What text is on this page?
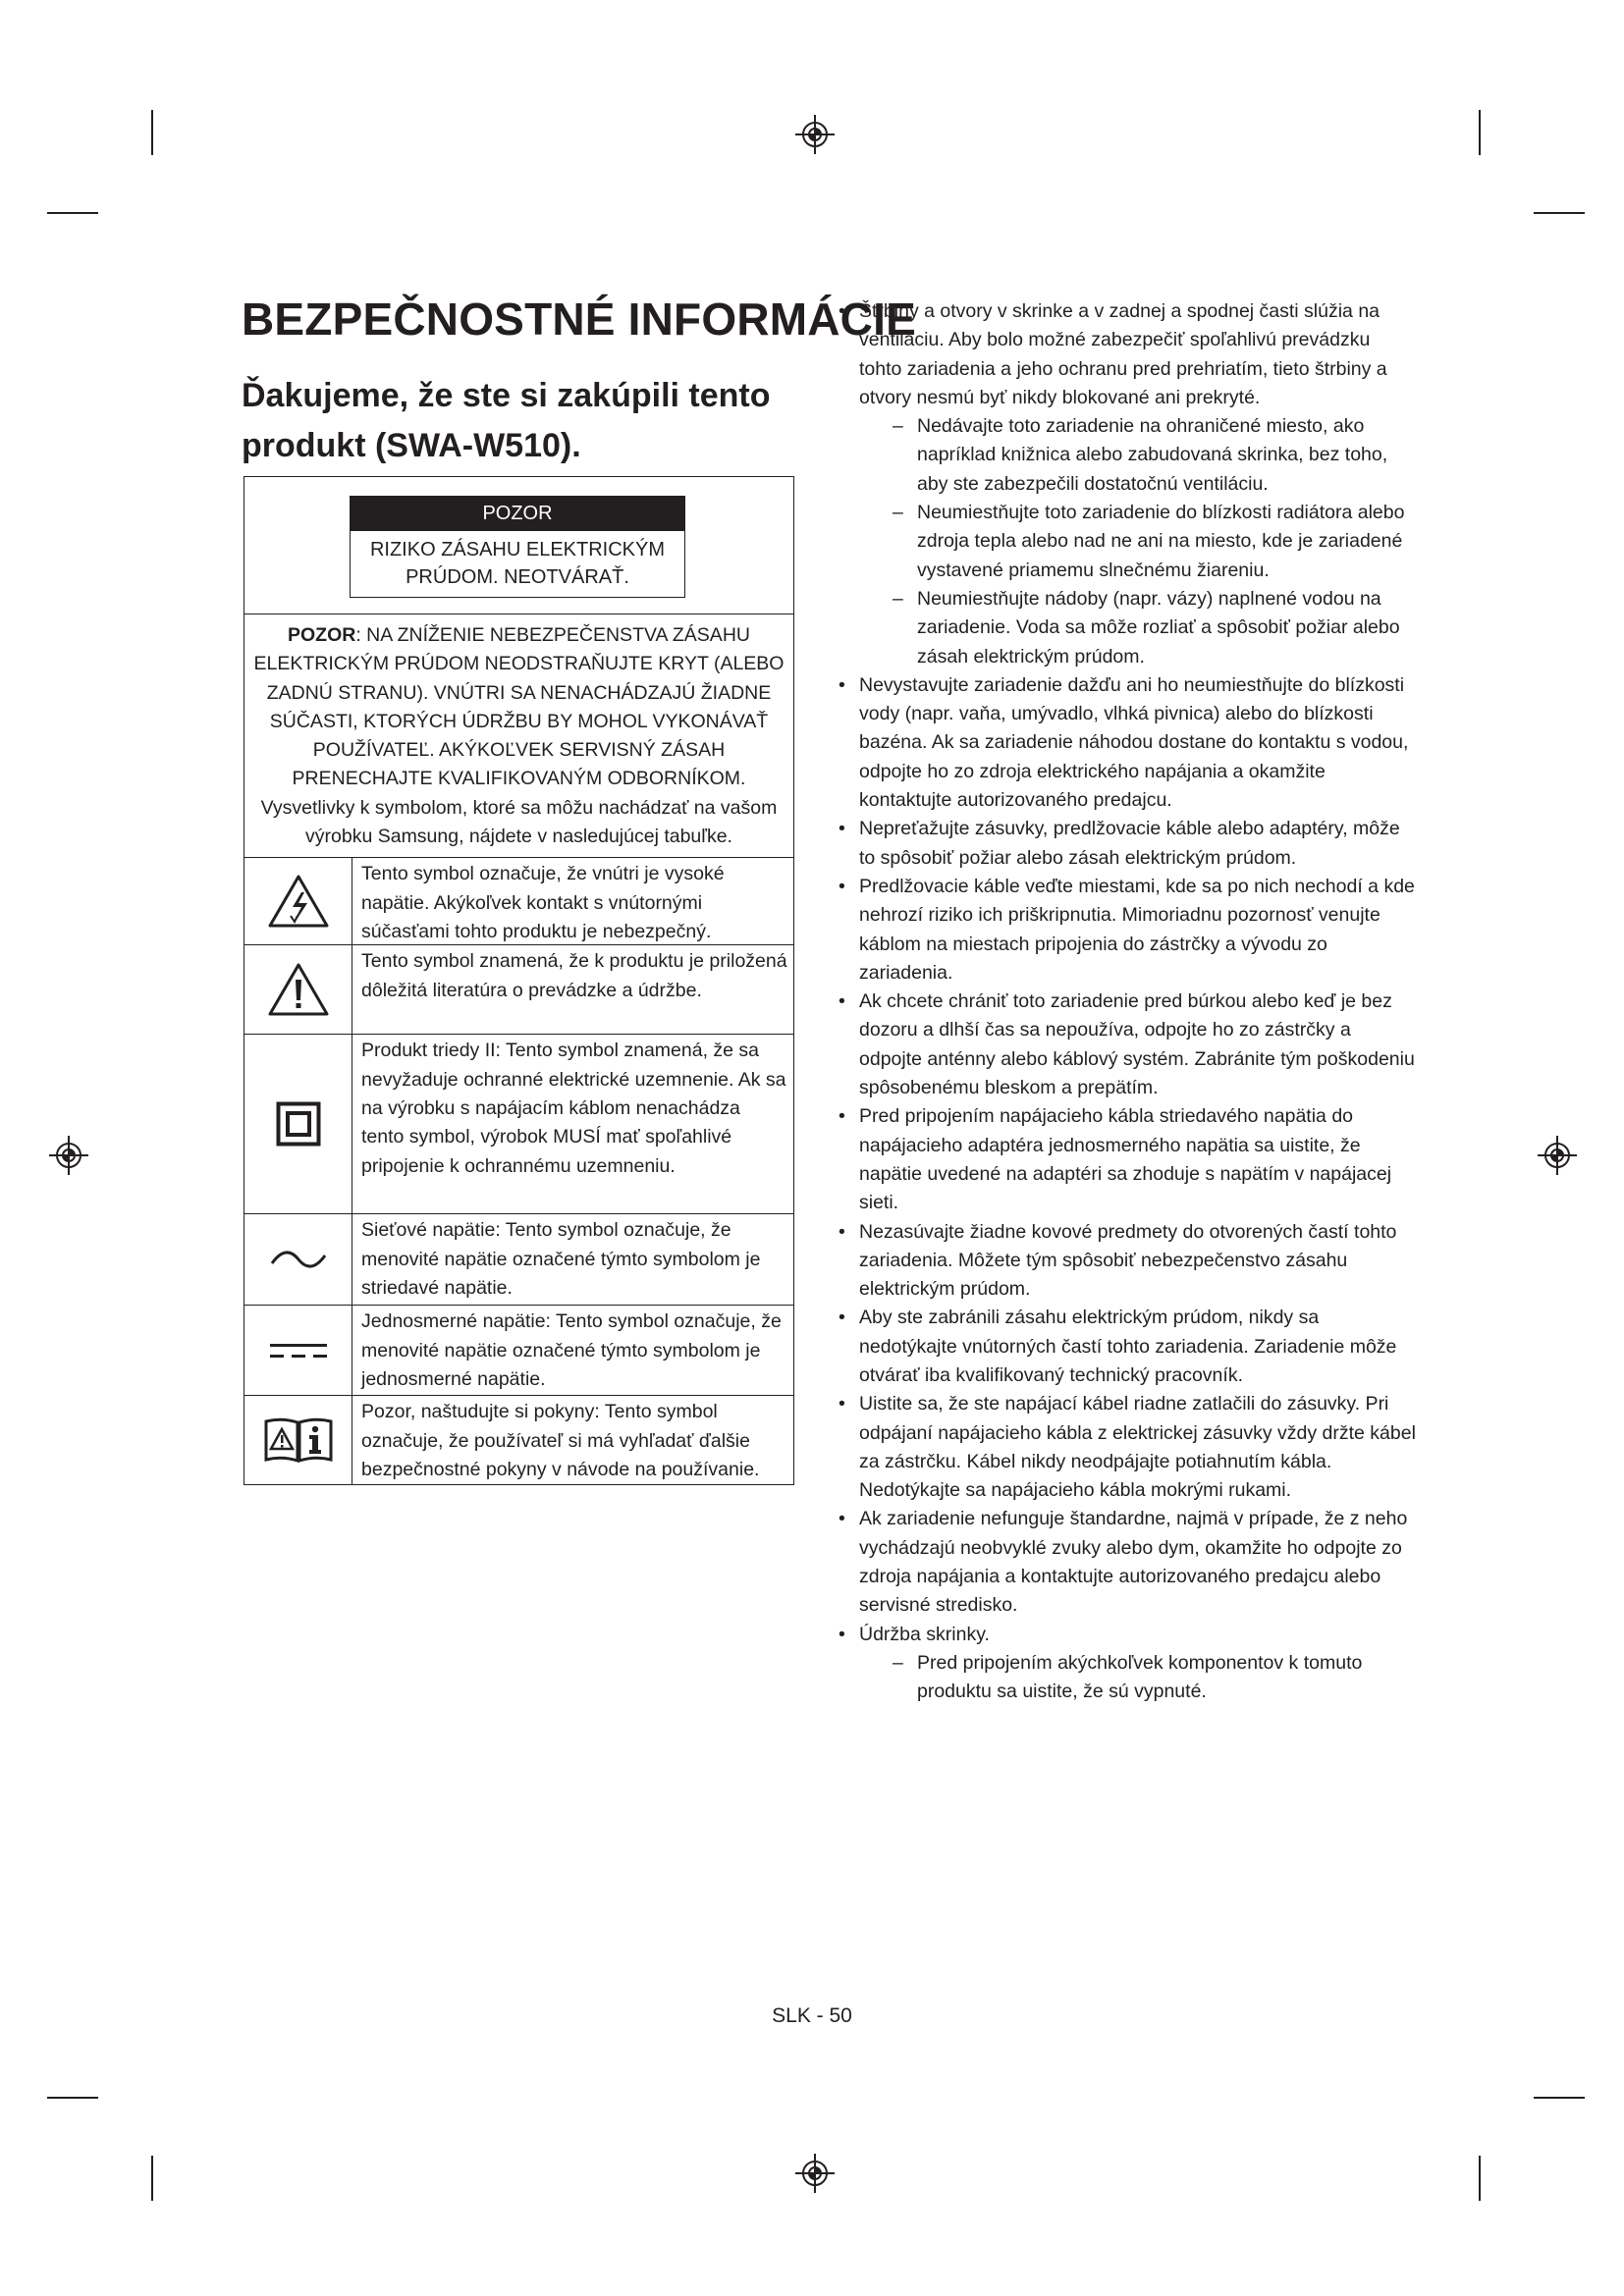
BEZPEČNOSTNÉ INFORMÁCIE
Ďakujeme, že ste si zakúpili tento produkt (SWA-W510).
POZOR
RIZIKO ZÁSAHU ELEKTRICKÝM PRÚDOM. NEOTVÁRAŤ.
POZOR: NA ZNÍŽENIE NEBEZPEČENSTVA ZÁSAHU ELEKTRICKÝM PRÚDOM NEODSTRAŇUJTE KRYT (ALEBO ZADNÚ STRANU). VNÚTRI SA NENACHÁDZAJÚ ŽIADNE SÚČASTI, KTORÝCH ÚDRŽBU BY MOHOL VYKONÁVAŤ POUŽÍVATEĽ. AKÝKOĽVEK SERVISNÝ ZÁSAH PRENECHAJTE KVALIFIKOVANÝM ODBORNÍKOM.
Vysvetlivky k symbolom, ktoré sa môžu nachádzať na vašom výrobku Samsung, nájdete v nasledujúcej tabuľke.
Tento symbol označuje, že vnútri je vysoké napätie. Akýkoľvek kontakt s vnútornými súčasťami tohto produktu je nebezpečný.
Tento symbol znamená, že k produktu je priložená dôležitá literatúra o prevádzke a údržbe.
Produkt triedy II: Tento symbol znamená, že sa nevyžaduje ochranné elektrické uzemnenie. Ak sa na výrobku s napájacím káblom nenachádza tento symbol, výrobok MUSÍ mať spoľahlivé pripojenie k ochrannému uzemneniu.
Sieťové napätie: Tento symbol označuje, že menovité napätie označené týmto symbolom je striedavé napätie.
Jednosmerné napätie: Tento symbol označuje, že menovité napätie označené týmto symbolom je jednosmerné napätie.
Pozor, naštudujte si pokyny: Tento symbol označuje, že používateľ si má vyhľadať ďalšie bezpečnostné pokyny v návode na používanie.
• Štrbiny a otvory v skrinke a v zadnej a spodnej časti slúžia na ventiláciu. Aby bolo možné zabezpečiť spoľahlivú prevádzku tohto zariadenia a jeho ochranu pred prehriatím, tieto štrbiny a otvory nesmú byť nikdy blokované ani prekryté.
– Nedávajte toto zariadenie na ohraničené miesto, ako napríklad knižnica alebo zabudovaná skrinka, bez toho, aby ste zabezpečili dostatočnú ventiláciu.
– Neumiestňujte toto zariadenie do blízkosti radiátora alebo zdroja tepla alebo nad ne ani na miesto, kde je zariadené vystavené priamemu slnečnému žiareniu.
– Neumiestňujte nádoby (napr. vázy) naplnené vodou na zariadenie. Voda sa môže rozliať a spôsobiť požiar alebo zásah elektrickým prúdom.
• Nevystavujte zariadenie dažďu ani ho neumiestňujte do blízkosti vody (napr. vaňa, umývadlo, vlhká pivnica) alebo do blízkosti bazéna. Ak sa zariadenie náhodou dostane do kontaktu s vodou, odpojte ho zo zdroja elektrického napájania a okamžite kontaktujte autorizovaného predajcu.
• Nepreťažujte zásuvky, predlžovacie káble alebo adaptéry, môže to spôsobiť požiar alebo zásah elektrickým prúdom.
• Predlžovacie káble veďte miestami, kde sa po nich nechodí a kde nehrozí riziko ich priškripnutia. Mimoriadnu pozornosť venujte káblom na miestach pripojenia do zástrčky a vývodu zo zariadenia.
• Ak chcete chrániť toto zariadenie pred búrkou alebo keď je bez dozoru a dlhší čas sa nepoužíva, odpojte ho zo zástrčky a odpojte anténny alebo káblový systém. Zabránite tým poškodeniu spôsobenému bleskom a prepätím.
• Pred pripojením napájacieho kábla striedavého napätia do napájacieho adaptéra jednosmerného napätia sa uistite, že napätie uvedené na adaptéri sa zhoduje s napätím v napájacej sieti.
• Nezasúvajte žiadne kovové predmety do otvorených častí tohto zariadenia. Môžete tým spôsobiť nebezpečenstvo zásahu elektrickým prúdom.
• Aby ste zabránili zásahu elektrickým prúdom, nikdy sa nedotýkajte vnútorných častí tohto zariadenia. Zariadenie môže otvárať iba kvalifikovaný technický pracovník.
• Uistite sa, že ste napájací kábel riadne zatlačili do zásuvky. Pri odpájaní napájacieho kábla z elektrickej zásuvky vždy držte kábel za zástrčku. Kábel nikdy neodpájajte potiahnutím kábla. Nedotýkajte sa napájacieho kábla mokrými rukami.
• Ak zariadenie nefunguje štandardne, najmä v prípade, že z neho vychádzajú neobvyklé zvuky alebo dym, okamžite ho odpojte zo zdroja napájania a kontaktujte autorizovaného predajcu alebo servisné stredisko.
• Údržba skrinky.
– Pred pripojením akýchkoľvek komponentov k tomuto produktu sa uistite, že sú vypnuté.
SLK - 50
